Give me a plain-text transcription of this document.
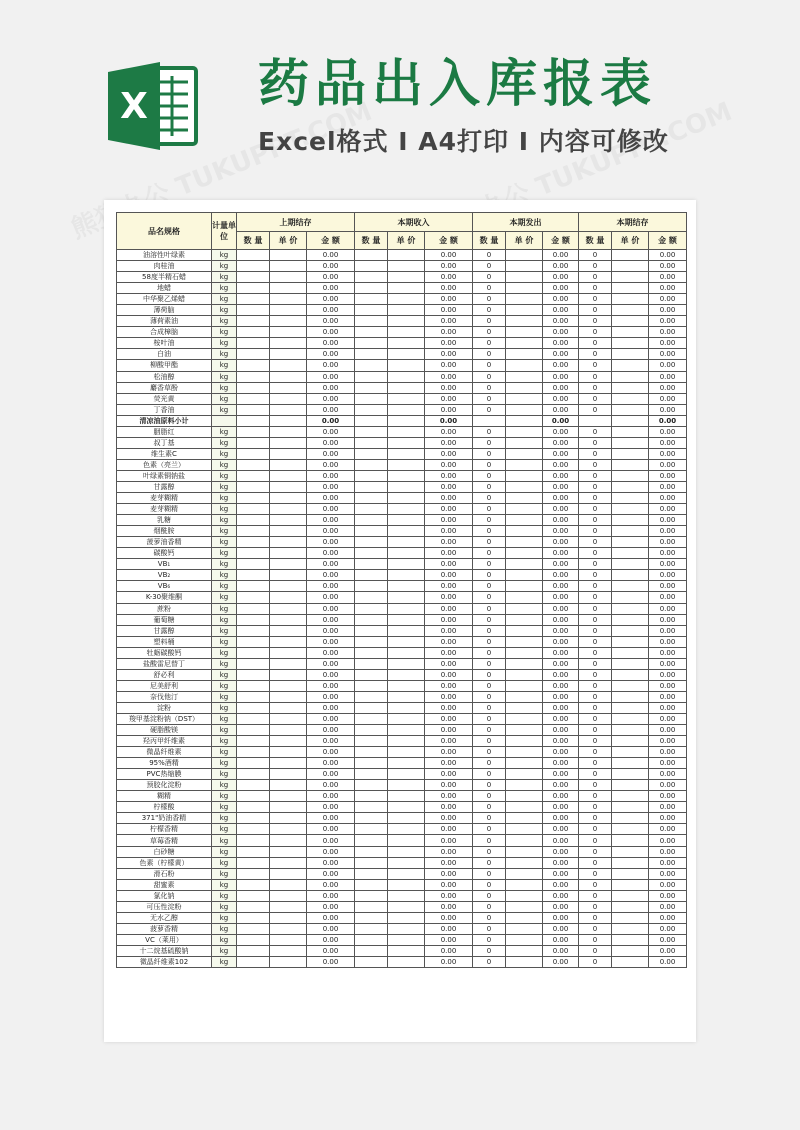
X 药品出入库报表

Excel格式 Ⅰ A4打印 Ⅰ 内容可修改

品名规格	计量单位	上期结存			本期收入			本期发出			本期结存		
		数 量	单 价	金 额	数 量	单 价	金 额	数 量	单 价	金 额	数 量	单 价	金 额
油溶性叶绿素	kg			0.00			0.00	0		0.00	0		0.00
肉桂油	kg			0.00			0.00	0		0.00	0		0.00
58度半精石蜡	kg			0.00			0.00	0		0.00	0		0.00
地蜡	kg			0.00			0.00	0		0.00	0		0.00
中华聚乙烯蜡	kg			0.00			0.00	0		0.00	0		0.00
薄荷脑	kg			0.00			0.00	0		0.00	0		0.00
薄荷素油	kg			0.00			0.00	0		0.00	0		0.00
合成樟脑	kg			0.00			0.00	0		0.00	0		0.00
桉叶油	kg			0.00			0.00	0		0.00	0		0.00
白油	kg			0.00			0.00	0		0.00	0		0.00
柳酸甲酯	kg			0.00			0.00	0		0.00	0		0.00
松油醇	kg			0.00			0.00	0		0.00	0		0.00
麝香草酚	kg			0.00			0.00	0		0.00	0		0.00
荧光黄	kg			0.00			0.00	0		0.00	0		0.00
丁香油	kg			0.00			0.00	0		0.00	0		0.00
清凉油原料小计				0.00			0.00			0.00			0.00
胭脂红	kg			0.00			0.00	0		0.00	0		0.00
叔丁基	kg			0.00			0.00	0		0.00	0		0.00
维生素C	kg			0.00			0.00	0		0.00	0		0.00
色素（亮兰）	kg			0.00			0.00	0		0.00	0		0.00
叶绿素铜钠盐	kg			0.00			0.00	0		0.00	0		0.00
甘露醇	kg			0.00			0.00	0		0.00	0		0.00
麦芽糊精	kg			0.00			0.00	0		0.00	0		0.00
麦芽糊精	kg			0.00			0.00	0		0.00	0		0.00
乳糖	kg			0.00			0.00	0		0.00	0		0.00
烟酰胺	kg			0.00			0.00	0		0.00	0		0.00
菠萝油香精	kg			0.00			0.00	0		0.00	0		0.00
碳酸钙	kg			0.00			0.00	0		0.00	0		0.00
VB₁	kg			0.00			0.00	0		0.00	0		0.00
VB₂	kg			0.00			0.00	0		0.00	0		0.00
VB₆	kg			0.00			0.00	0		0.00	0		0.00
K-30聚维酮	kg			0.00			0.00	0		0.00	0		0.00
蔗粉	kg			0.00			0.00	0		0.00	0		0.00
葡萄糖	kg			0.00			0.00	0		0.00	0		0.00
甘露醇	kg			0.00			0.00	0		0.00	0		0.00
塑料桶	kg			0.00			0.00	0		0.00	0		0.00
牡蛎碳酸钙	kg			0.00			0.00	0		0.00	0		0.00
盐酸雷尼替丁	kg			0.00			0.00	0		0.00	0		0.00
舒必利	kg			0.00			0.00	0		0.00	0		0.00
尼美舒利	kg			0.00			0.00	0		0.00	0		0.00
奈伐他汀	kg			0.00			0.00	0		0.00	0		0.00
淀粉	kg			0.00			0.00	0		0.00	0		0.00
羧甲基淀粉钠（DST）	kg			0.00			0.00	0		0.00	0		0.00
硬脂酸镁	kg			0.00			0.00	0		0.00	0		0.00
羟丙甲纤维素	kg			0.00			0.00	0		0.00	0		0.00
微晶纤维素	kg			0.00			0.00	0		0.00	0		0.00
95%酒精	kg			0.00			0.00	0		0.00	0		0.00
PVC热缩膜	kg			0.00			0.00	0		0.00	0		0.00
预胶化淀粉	kg			0.00			0.00	0		0.00	0		0.00
糊精	kg			0.00			0.00	0		0.00	0		0.00
柠檬酸	kg			0.00			0.00	0		0.00	0		0.00
371"奶油香精	kg			0.00			0.00	0		0.00	0		0.00
柠檬香精	kg			0.00			0.00	0		0.00	0		0.00
草莓香精	kg			0.00			0.00	0		0.00	0		0.00
白砂糖	kg			0.00			0.00	0		0.00	0		0.00
色素（柠檬黄）	kg			0.00			0.00	0		0.00	0		0.00
滑石粉	kg			0.00			0.00	0		0.00	0		0.00
甜蜜素	kg			0.00			0.00	0		0.00	0		0.00
氯化钠	kg			0.00			0.00	0		0.00	0		0.00
可压性淀粉	kg			0.00			0.00	0		0.00	0		0.00
无水乙醇	kg			0.00			0.00	0		0.00	0		0.00
菠萝香精	kg			0.00			0.00	0		0.00	0		0.00
VC（莱用）	kg			0.00			0.00	0		0.00	0		0.00
十二烷基硫酸钠	kg			0.00			0.00	0		0.00	0		0.00
微晶纤维素102	kg			0.00			0.00	0		0.00	0		0.00
